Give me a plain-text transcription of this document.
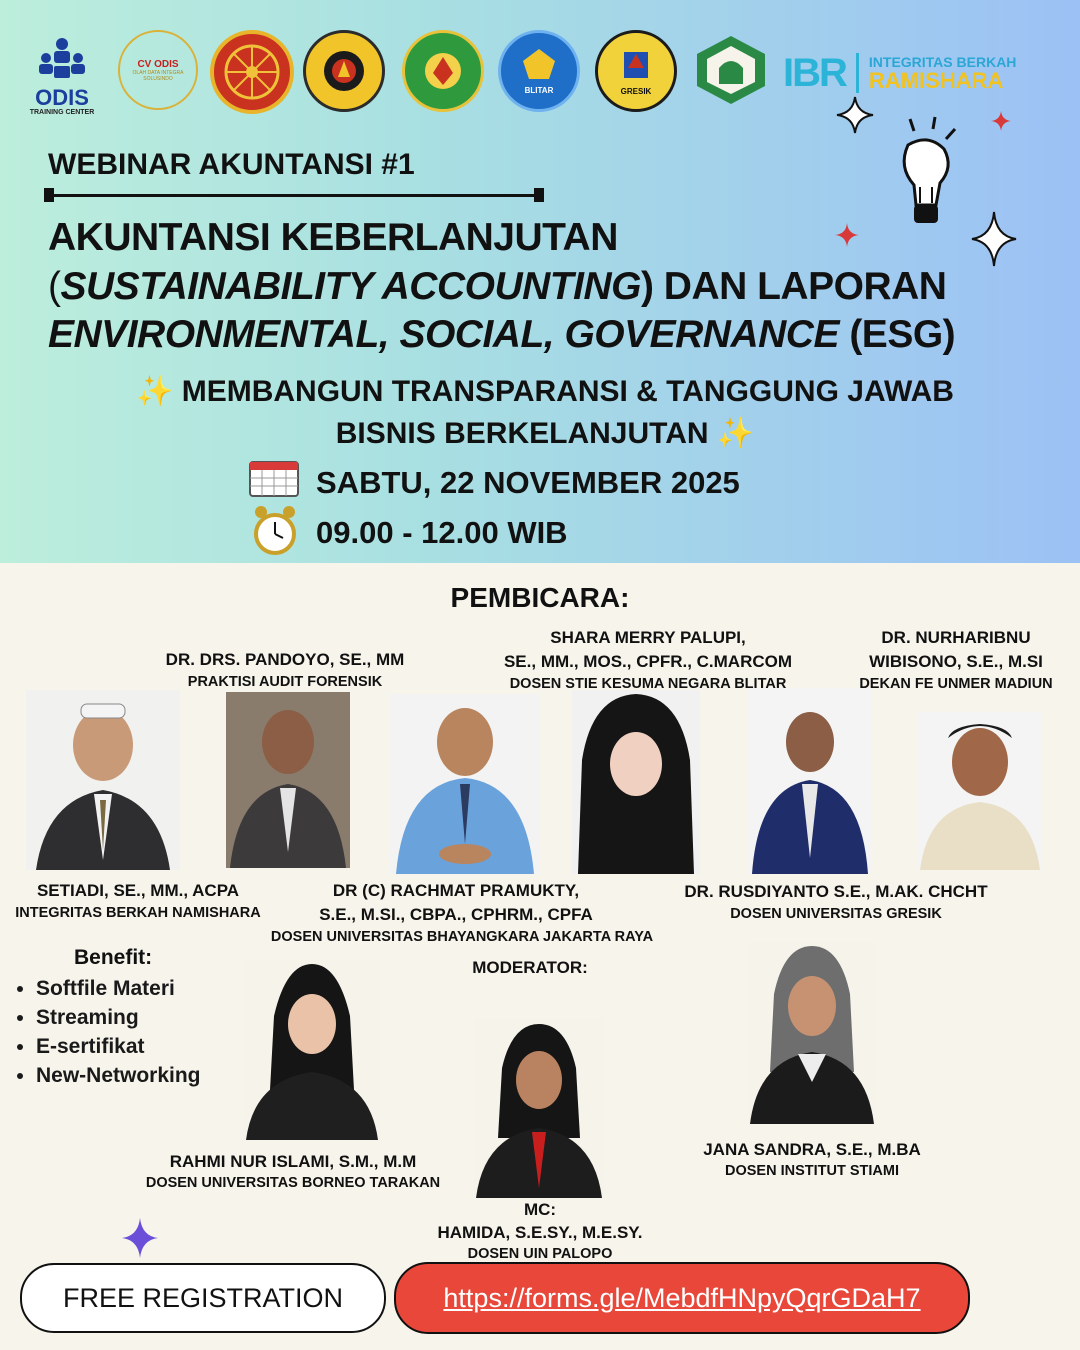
ODIS
TRAINING CENTER
CV ODIS
OLAH DATA INTEGRA SOLUSINDO
BLITAR	GRESIK	IBR INTEGRITAS BERKAH
RAMISHARA
WEBINAR AKUNTANSI #1
AKUNTANSI KEBERLANJUTAN
(SUSTAINABILITY ACCOUNTING) DAN LAPORAN
ENVIRONMENTAL, SOCIAL, GOVERNANCE (ESG)
✨ MEMBANGUN TRANSPARANSI & TANGGUNG JAWAB
BISNIS BERKELANJUTAN ✨
SABTU, 22 NOVEMBER 2025
09.00 - 12.00 WIB
PEMBICARA:
DR. DRS. PANDOYO, SE., MM
PRAKTISI AUDIT FORENSIK
SHARA MERRY PALUPI,
SE., MM., MOS., CPFR., C.MARCOM
DOSEN STIE KESUMA NEGARA BLITAR
DR. NURHARIBNU
WIBISONO, S.E., M.SI
DEKAN FE UNMER MADIUN
SETIADI, SE., MM., ACPA
INTEGRITAS BERKAH NAMISHARA
DR (C) RACHMAT PRAMUKTY,
S.E., M.SI., CBPA., CPHRM., CPFA
DOSEN UNIVERSITAS BHAYANGKARA JAKARTA RAYA
DR. RUSDIYANTO S.E., M.AK. CHCHT
DOSEN UNIVERSITAS GRESIK
Benefit:
• Softfile Materi
• Streaming
• E-sertifikat
• New-Networking
MODERATOR:
RAHMI NUR ISLAMI, S.M., M.M
DOSEN UNIVERSITAS BORNEO TARAKAN
JANA SANDRA, S.E., M.BA
DOSEN INSTITUT STIAMI
MC:
HAMIDA, S.E.SY., M.E.SY.
DOSEN UIN PALOPO
FREE REGISTRATION	https://forms.gle/MebdfHNpyQqrGDaH7
